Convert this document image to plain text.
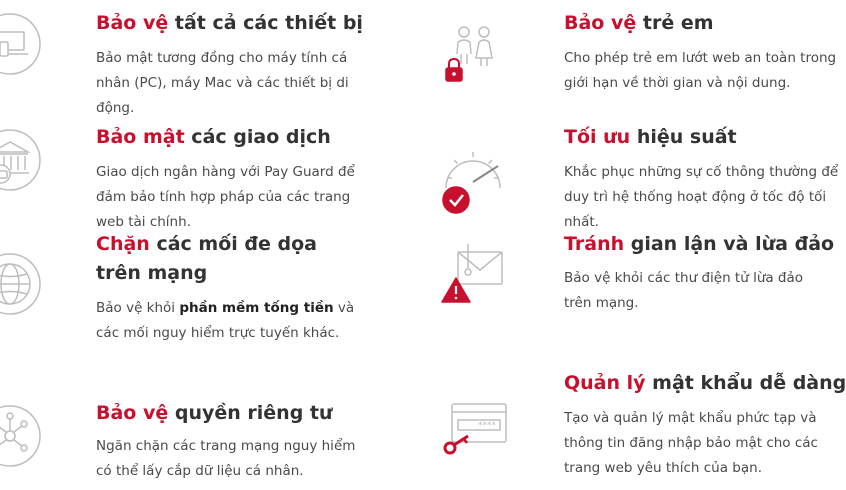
Bảo vệ tất cả các thiết bị
Bảo mật tương đồng cho máy tính cá nhân (PC), máy Mac và các thiết bị di động.
Bảo mật các giao dịch
Giao dịch ngân hàng với Pay Guard để đảm bảo tính hợp pháp của các trang web tài chính.
Chặn các mối đe dọa trên mạng
Bảo vệ khỏi phần mềm tống tiền và các mối nguy hiểm trực tuyến khác.
Bảo vệ quyền riêng tư
Ngăn chặn các trang mạng nguy hiểm có thể lấy cắp dữ liệu cá nhân.
Bảo vệ trẻ em
Cho phép trẻ em lướt web an toàn trong giới hạn về thời gian và nội dung.
Tối ưu hiệu suất
Khắc phục những sự cố thông thường để duy trì hệ thống hoạt động ở tốc độ tối nhất.
Tránh gian lận và lừa đảo
Bảo vệ khỏi các thư điện tử lừa đảo trên mạng.
****
Quản lý mật khẩu dễ dàng
Tạo và quản lý mật khẩu phức tạp và thông tin đăng nhập bảo mật cho các trang web yêu thích của bạn.
